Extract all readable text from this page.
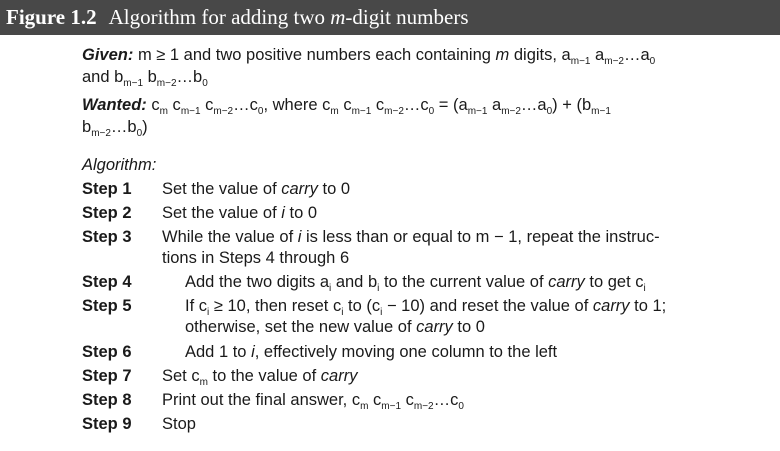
Figure 1.2 Algorithm for adding two m-digit numbers
Given: m ≥ 1 and two positive numbers each containing m digits, $a_{m-1}$ $a_{m-2}\dots a_0$
and $b_{m-1}$ $b_{m-2}\dots b_0$
Wanted: $c_m$ $c_{m-1}$ $c_{m-2}\dots c_0$, where $c_m$ $c_{m-1}$ $c_{m-2}\dots c_0 = (a_{m-1}$ $a_{m-2}\dots a_0) + (b_{m-1}$
$b_{m-2}\dots b_0$)
Algorithm:
Step 1 Set the value of carry to 0
Step 2 Set the value of i to 0
Step 3 While the value of i is less than or equal to m − 1, repeat the instruc-
tions in Steps 4 through 6
Step 4	Add the two digits $a_i$ and $b_i$ to the current value of carry to get $c_i$
Step 5	If $c_i \ge 10$, then reset $c_i$ to $(c_i - 10)$ and reset the value of carry to 1;
otherwise, set the new value of carry to 0
Step 6	Add 1 to i, effectively moving one column to the left
Step 7 Set $c_m$ to the value of carry
Step 8 Print out the final answer, $c_m$ $c_{m-1}$ $c_{m-2}\dots c_0$
Step 9 Stop
